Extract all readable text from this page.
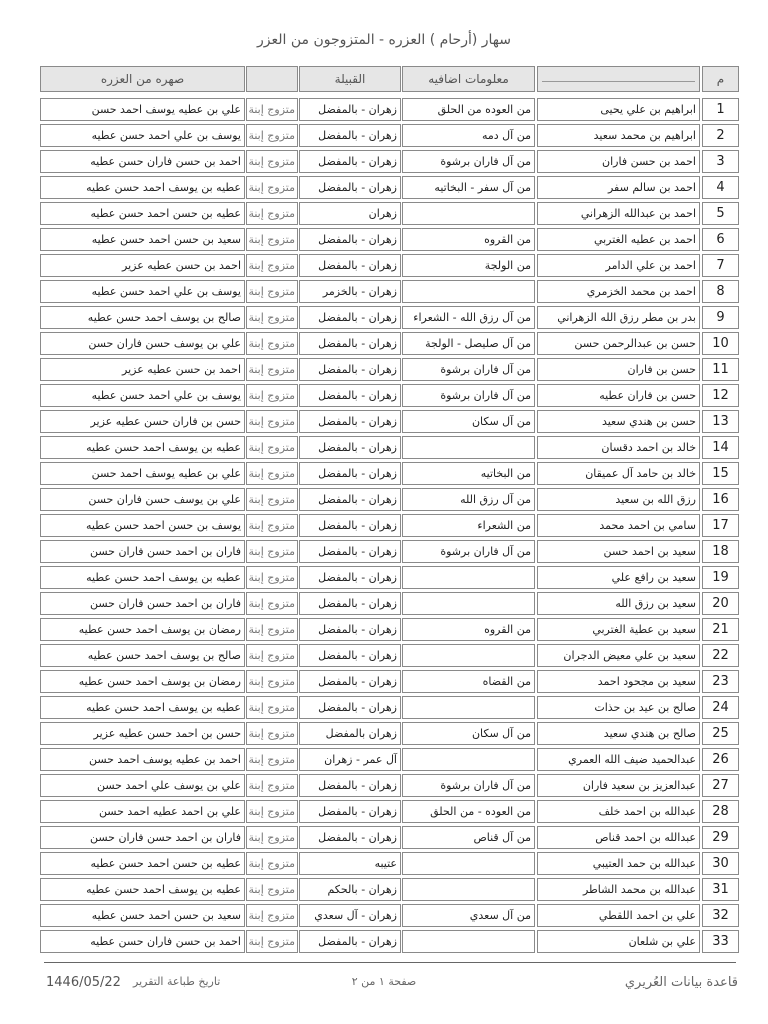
سهار (أرحام ) العزره - المتزوجون من العزر
م
معلومات اضافيه
القبيلة
صهره من العزره
1
ابراهيم بن علي يحيى
من العوده من الحلق
زهران - بالمفضل
متزوج إبنة
علي بن عطيه يوسف احمد حسن
2
ابراهيم بن محمد سعيد
من آل دمه
زهران - بالمفضل
متزوج إبنة
يوسف بن علي احمد حسن عطيه
3
احمد بن حسن فاران
من آل فاران برشوة
زهران - بالمفضل
متزوج إبنة
احمد بن حسن فاران حسن عطيه
4
احمد بن سالم سفر
من آل سفر - البخاتيه
زهران - بالمفضل
متزوج إبنة
عطيه بن يوسف احمد حسن عطيه
5
احمد بن عبدالله الزهراني
زهران
متزوج إبنة
عطيه بن حسن احمد حسن عطيه
6
احمد بن عطيه الغتربي
من القروه
زهران - بالمفضل
متزوج إبنة
سعيد بن حسن احمد حسن عطيه
7
احمد بن علي الدامر
من الولجة
زهران - بالمفضل
متزوج إبنة
احمد بن حسن عطيه عزير
8
احمد بن محمد الخزمري
زهران - بالخزمر
متزوج إبنة
يوسف بن علي احمد حسن عطيه
9
بدر بن مطر رزق الله الزهراني
من آل رزق الله - الشعراء
زهران - بالمفضل
متزوج إبنة
صالح بن يوسف احمد حسن عطيه
10
حسن بن عبدالرحمن حسن
من آل صليصل - الولجة
زهران - بالمفضل
متزوج إبنة
علي بن يوسف حسن فاران حسن
11
حسن بن فاران
من آل فاران برشوة
زهران - بالمفضل
متزوج إبنة
احمد بن حسن عطيه عزير
12
حسن بن فاران عطيه
من آل فاران برشوة
زهران - بالمفضل
متزوج إبنة
يوسف بن علي احمد حسن عطيه
13
حسن بن هندي سعيد
من آل سكان
زهران - بالمفضل
متزوج إبنة
حسن بن فاران حسن عطيه عزير
14
خالد بن احمد دقسان
زهران - بالمفضل
متزوج إبنة
عطيه بن يوسف احمد حسن عطيه
15
خالد بن حامد آل عميقان
من البخاتيه
زهران - بالمفضل
متزوج إبنة
علي بن عطيه يوسف احمد حسن
16
رزق الله بن سعيد
من آل رزق الله
زهران - بالمفضل
متزوج إبنة
علي بن يوسف حسن فاران حسن
17
سامي بن احمد محمد
من الشعراء
زهران - بالمفضل
متزوج إبنة
يوسف بن حسن احمد حسن عطيه
18
سعيد بن احمد حسن
من آل فاران برشوة
زهران - بالمفضل
متزوج إبنة
فاران بن احمد حسن فاران حسن
19
سعيد بن رافع علي
زهران - بالمفضل
متزوج إبنة
عطيه بن يوسف احمد حسن عطيه
20
سعيد بن رزق الله
زهران - بالمفضل
متزوج إبنة
فاران بن احمد حسن فاران حسن
21
سعيد بن عطية الغتربي
من القروه
زهران - بالمفضل
متزوج إبنة
رمضان بن يوسف احمد حسن عطيه
22
سعيد بن علي معيض الدجران
زهران - بالمفضل
متزوج إبنة
صالح بن يوسف احمد حسن عطيه
23
سعيد بن مجحود احمد
من القضاه
زهران - بالمفضل
متزوج إبنة
رمضان بن يوسف احمد حسن عطيه
24
صالح بن عيد بن حذات
زهران - بالمفضل
متزوج إبنة
عطيه بن يوسف احمد حسن عطيه
25
صالح بن هندي سعيد
من آل سكان
زهران بالمفضل
متزوج إبنة
حسن بن احمد حسن عطيه عزير
26
عبدالحميد ضيف الله العمري
آل عمر - زهران
متزوج إبنة
احمد بن عطيه يوسف احمد حسن
27
عبدالعزيز بن سعيد فاران
من آل فاران برشوة
زهران - بالمفضل
متزوج إبنة
علي بن يوسف علي احمد حسن
28
عبدالله بن احمد خلف
من العوده - من الحلق
زهران - بالمفضل
متزوج إبنة
علي بن احمد عطيه احمد حسن
29
عبدالله بن احمد قناص
من آل قناص
زهران - بالمفضل
متزوج إبنة
فاران بن احمد حسن فاران حسن
30
عبدالله بن حمد العتيبي
عتيبه
متزوج إبنة
عطيه بن حسن احمد حسن عطيه
31
عبدالله بن محمد الشاطر
زهران - بالحكم
متزوج إبنة
عطيه بن يوسف احمد حسن عطيه
32
علي بن احمد اللقطي
من آل سعدي
زهران - آل سعدي
متزوج إبنة
سعيد بن حسن احمد حسن عطيه
33
علي بن شلعان
زهران - بالمفضل
متزوج إبنة
احمد بن حسن فاران حسن عطيه
قاعدة بيانات العُريري
صفحة ١ من ٢
تاريخ طباعة التقرير
1446/05/22
